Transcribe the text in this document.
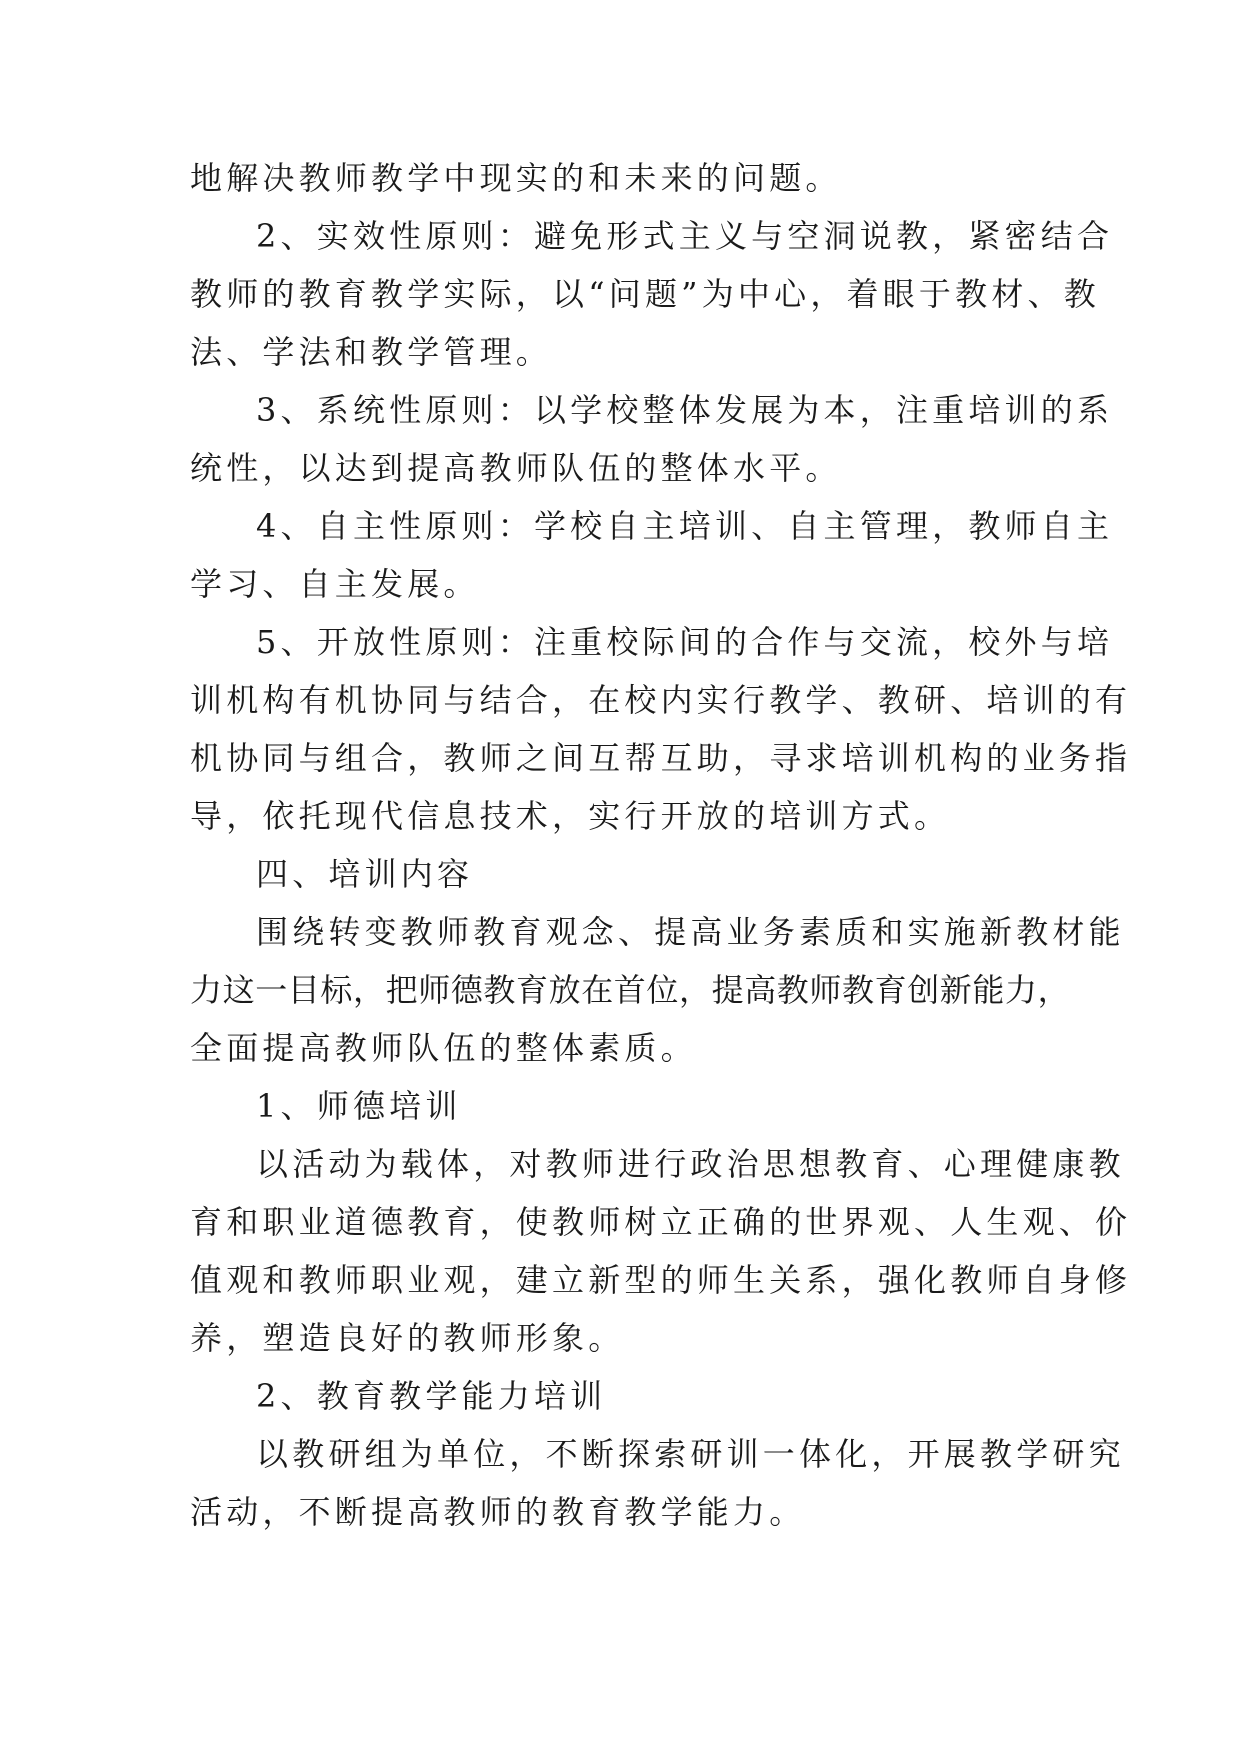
地解决教师教学中现实的和未来的问题。
2、实效性原则：避免形式主义与空洞说教，紧密结合
教师的教育教学实际，以“问题”为中心，着眼于教材、教
法、学法和教学管理。
3、系统性原则：以学校整体发展为本，注重培训的系
统性，以达到提高教师队伍的整体水平。
4、自主性原则：学校自主培训、自主管理，教师自主
学习、自主发展。
5、开放性原则：注重校际间的合作与交流，校外与培
训机构有机协同与结合，在校内实行教学、教研、培训的有
机协同与组合，教师之间互帮互助，寻求培训机构的业务指
导，依托现代信息技术，实行开放的培训方式。
四、培训内容
围绕转变教师教育观念、提高业务素质和实施新教材能
力这一目标，把师德教育放在首位，提高教师教育创新能力，
全面提高教师队伍的整体素质。
1、师德培训
以活动为载体，对教师进行政治思想教育、心理健康教
育和职业道德教育，使教师树立正确的世界观、人生观、价
值观和教师职业观，建立新型的师生关系，强化教师自身修
养，塑造良好的教师形象。
2、教育教学能力培训
以教研组为单位，不断探索研训一体化，开展教学研究
活动，不断提高教师的教育教学能力。
